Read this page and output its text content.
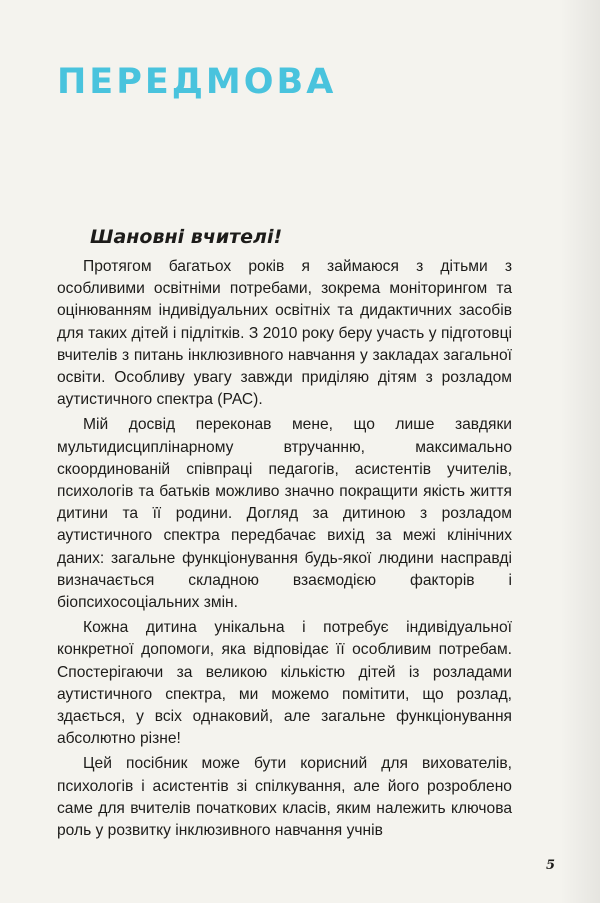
ПЕРЕДМОВА
Шановні вчителі!

Протягом багатьох років я займаюся з дітьми з особливими освітніми потребами, зокрема моніторингом та оцінюванням індивідуальних освітніх та дидактичних засобів для таких дітей і підлітків. З 2010 року беру участь у підготовці вчителів з питань інклюзивного навчання у закладах загальної освіти. Особливу увагу завжди приділяю дітям з розладом аутистичного спектра (РАС).

Мій досвід переконав мене, що лише завдяки мультидисциплінарному втручанню, максимально скоординованій співпраці педагогів, асистентів учителів, психологів та батьків можливо значно покращити якість життя дитини та її родини. Догляд за дитиною з розладом аутистичного спектра передбачає вихід за межі клінічних даних: загальне функціонування будь-якої людини насправді визначається складною взаємодією факторів і біопсихосоціальних змін.

Кожна дитина унікальна і потребує індивідуальної конкретної допомоги, яка відповідає її особливим потребам. Спостерігаючи за великою кількістю дітей із розладами аутистичного спектра, ми можемо помітити, що розлад, здається, у всіх однаковий, але загальне функціонування абсолютно різне!

Цей посібник може бути корисний для вихователів, психологів і асистентів зі спілкування, але його розроблено саме для вчителів початкових класів, яким належить ключова роль у розвитку інклюзивного навчання учнів

5
